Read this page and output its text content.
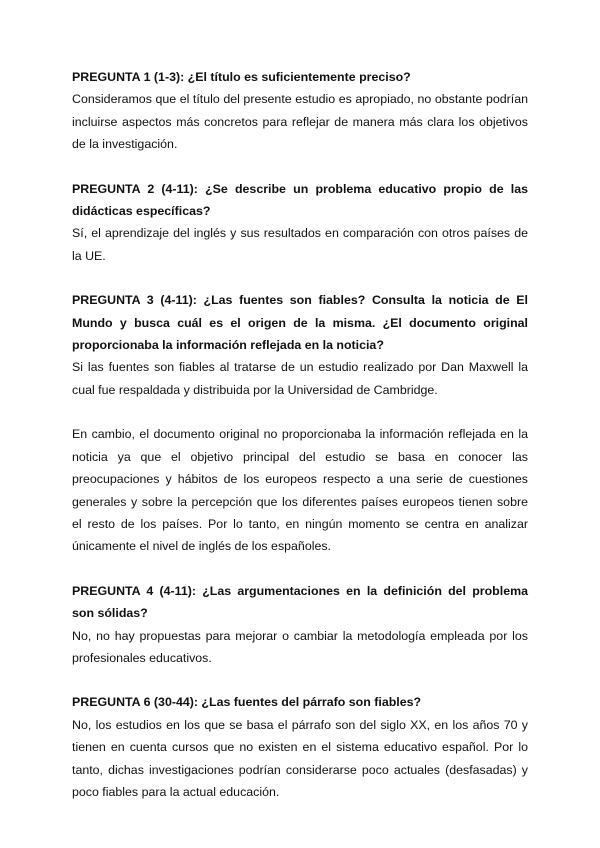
PREGUNTA 1 (1-3): ¿El título es suficientemente preciso?

Consideramos que el título del presente estudio es apropiado, no obstante podrían incluirse aspectos más concretos para reflejar de manera más clara los objetivos de la investigación.

PREGUNTA 2 (4-11): ¿Se describe un problema educativo propio de las didácticas específicas?

Sí, el aprendizaje del inglés y sus resultados en comparación con otros países de la UE.

PREGUNTA 3 (4-11): ¿Las fuentes son fiables? Consulta la noticia de El Mundo y busca cuál es el origen de la misma. ¿El documento original proporcionaba la información reflejada en la noticia?

Si las fuentes son fiables al tratarse de un estudio realizado por Dan Maxwell la cual fue respaldada y distribuida por la Universidad de Cambridge.

En cambio, el documento original no proporcionaba la información reflejada en la noticia ya que el objetivo principal del estudio se basa en conocer las preocupaciones y hábitos de los europeos respecto a una serie de cuestiones generales y sobre la percepción que los diferentes países europeos tienen sobre el resto de los países. Por lo tanto, en ningún momento se centra en analizar únicamente el nivel de inglés de los españoles.

PREGUNTA 4 (4-11): ¿Las argumentaciones en la definición del problema son sólidas?

No, no hay propuestas para mejorar o cambiar la metodología empleada por los profesionales educativos.

PREGUNTA 6 (30-44): ¿Las fuentes del párrafo son fiables?

No, los estudios en los que se basa el párrafo son del siglo XX, en los años 70 y tienen en cuenta cursos que no existen en el sistema educativo español. Por lo tanto, dichas investigaciones podrían considerarse poco actuales (desfasadas) y poco fiables para la actual educación.
